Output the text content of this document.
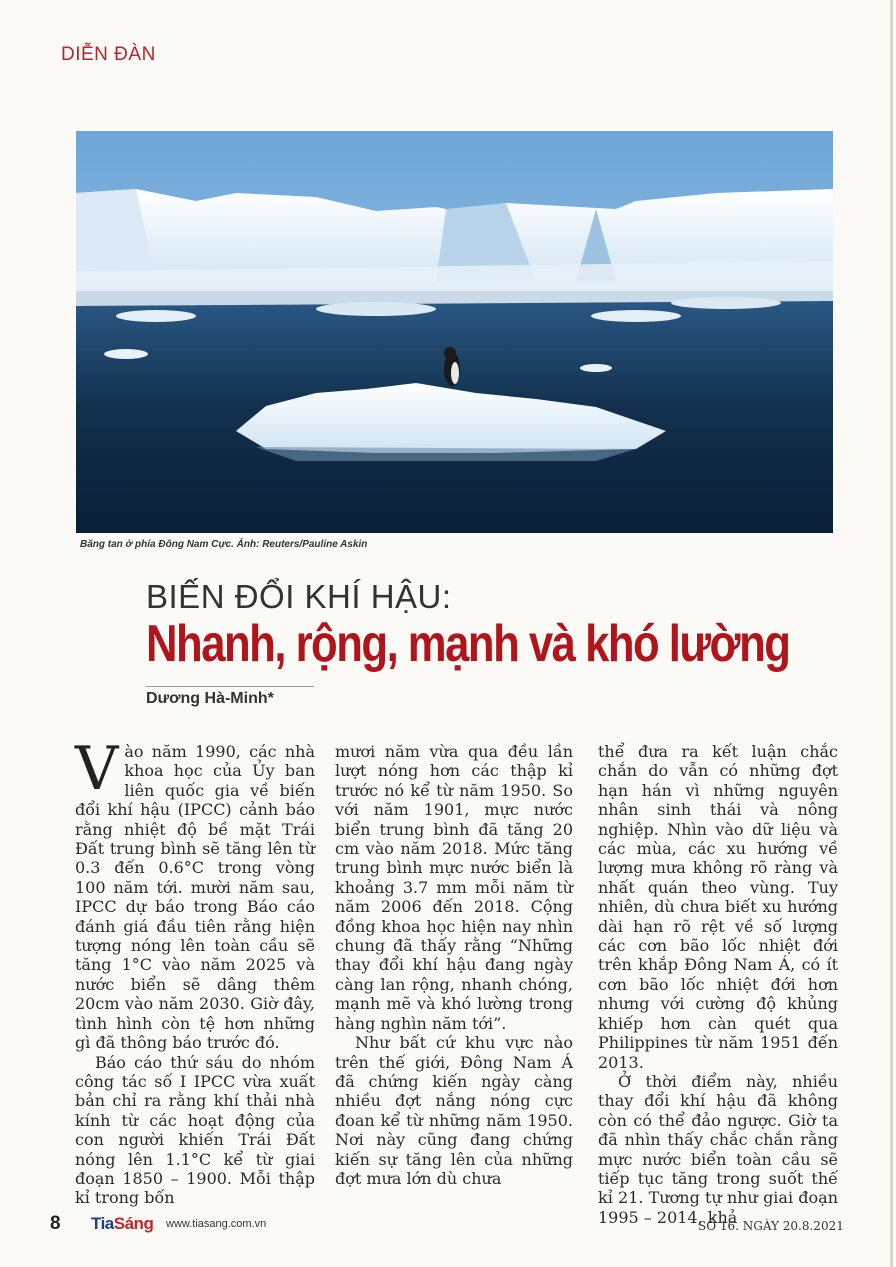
DIỄN ĐÀN
Băng tan ở phía Đông Nam Cực. Ảnh: Reuters/Pauline Askin
BIẾN ĐỔI KHÍ HẬU:
Nhanh, rộng, mạnh và khó lường
Dương Hà-Minh*

Vào năm 1990, các nhà khoa học của Ủy ban liên quốc gia về biến đổi khí hậu (IPCC) cảnh báo rằng nhiệt độ bề mặt Trái Đất trung bình sẽ tăng lên từ 0.3 đến 0.6°C trong vòng 100 năm tới. mười năm sau, IPCC dự báo trong Báo cáo đánh giá đầu tiên rằng hiện tượng nóng lên toàn cầu sẽ tăng 1°C vào năm 2025 và nước biển sẽ dâng thêm 20cm vào năm 2030. Giờ đây, tình hình còn tệ hơn những gì đã thông báo trước đó.

Báo cáo thứ sáu do nhóm công tác số I IPCC vừa xuất bản chỉ ra rằng khí thải nhà kính từ các hoạt động của con người khiến Trái Đất nóng lên 1.1°C kể từ giai đoạn 1850 – 1900. Mỗi thập kỉ trong bốn

mươi năm vừa qua đều lần lượt nóng hơn các thập kỉ trước nó kể từ năm 1950. So với năm 1901, mực nước biển trung bình đã tăng 20 cm vào năm 2018. Mức tăng trung bình mực nước biển là khoảng 3.7 mm mỗi năm từ năm 2006 đến 2018. Cộng đồng khoa học hiện nay nhìn chung đã thấy rằng “Những thay đổi khí hậu đang ngày càng lan rộng, nhanh chóng, mạnh mẽ và khó lường trong hàng nghìn năm tới”.

Như bất cứ khu vực nào trên thế giới, Đông Nam Á đã chứng kiến ngày càng nhiều đợt nắng nóng cực đoan kể từ những năm 1950. Nơi này cũng đang chứng kiến sự tăng lên của những đợt mưa lớn dù chưa

thể đưa ra kết luận chắc chắn do vẫn có những đợt hạn hán vì những nguyên nhân sinh thái và nông nghiệp. Nhìn vào dữ liệu và các mùa, các xu hướng về lượng mưa không rõ ràng và nhất quán theo vùng. Tuy nhiên, dù chưa biết xu hướng dài hạn rõ rệt về số lượng các cơn bão lốc nhiệt đới trên khắp Đông Nam Á, có ít cơn bão lốc nhiệt đới hơn nhưng với cường độ khủng khiếp hơn càn quét qua Philippines từ năm 1951 đến 2013.

Ở thời điểm này, nhiều thay đổi khí hậu đã không còn có thể đảo ngược. Giờ ta đã nhìn thấy chắc chắn rằng mực nước biển toàn cầu sẽ tiếp tục tăng trong suốt thế kỉ 21. Tương tự như giai đoạn 1995 – 2014, khả

8 TiaSáng www.tiasang.com.vn	SỐ 16. NGÀY 20.8.2021
